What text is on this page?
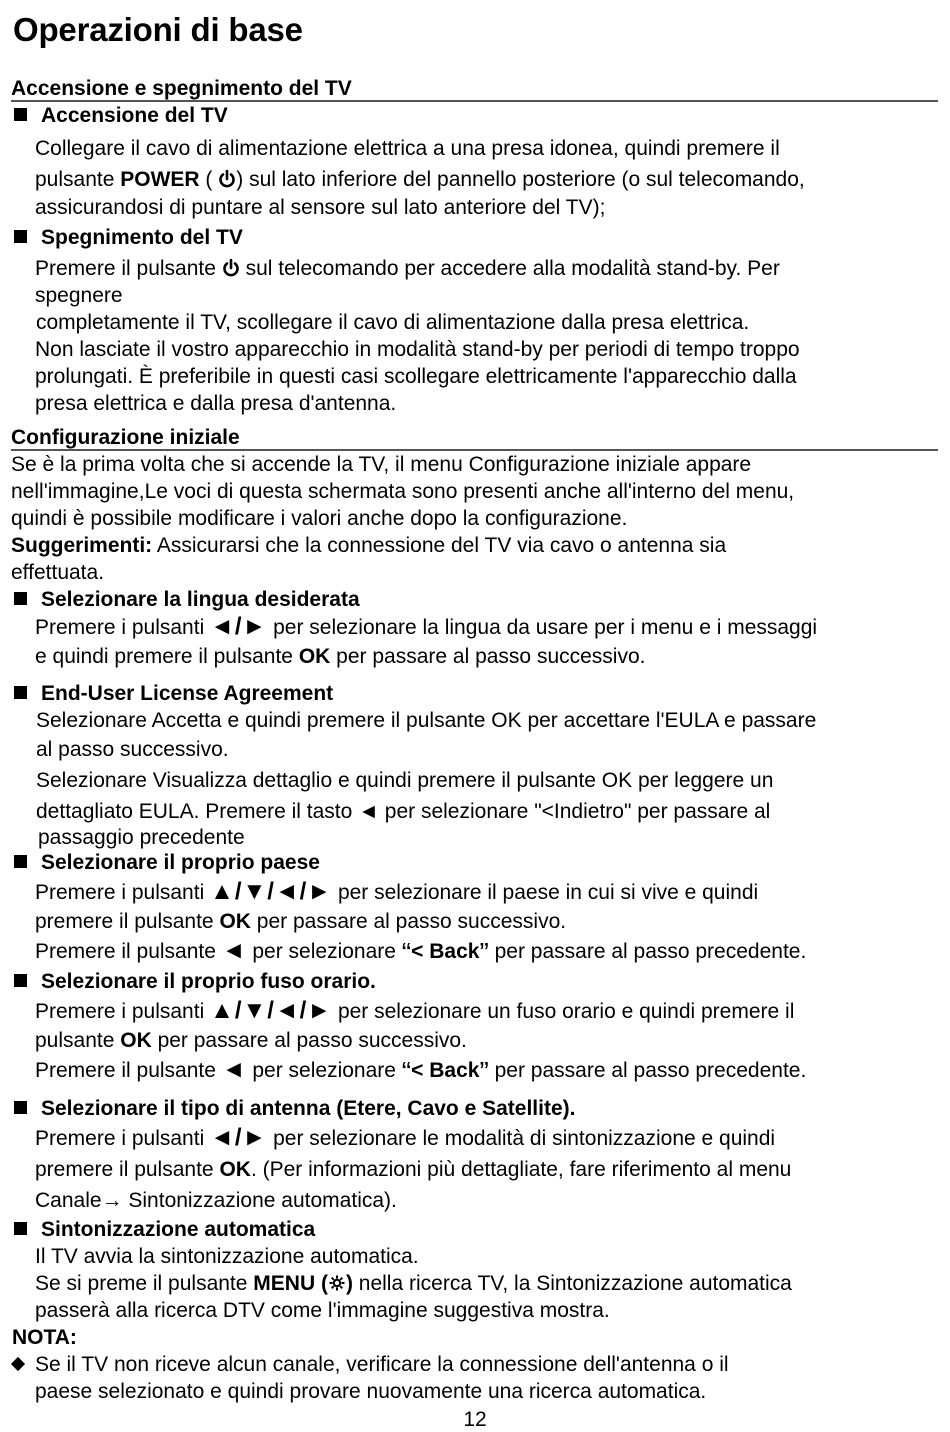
Operazioni di base
Accensione e spegnimento del TV
Accensione del TV
Collegare il cavo di alimentazione elettrica a una presa idonea, quindi premere il
pulsante POWER ( ) sul lato inferiore del pannello posteriore (o sul telecomando,
assicurandosi di puntare al sensore sul lato anteriore del TV);
Spegnimento del TV
Premere il pulsante  sul telecomando per accedere alla modalità stand-by. Per
spegnere
completamente il TV, scollegare il cavo di alimentazione dalla presa elettrica.
Non lasciate il vostro apparecchio in modalità stand-by per periodi di tempo troppo
prolungati. È preferibile in questi casi scollegare elettricamente l'apparecchio dalla
presa elettrica e dalla presa d'antenna.
Configurazione iniziale
Se è la prima volta che si accende la TV, il menu Configurazione iniziale appare
nell'immagine,Le voci di questa schermata sono presenti anche all'interno del menu,
quindi è possibile modificare i valori anche dopo la configurazione.
Suggerimenti: Assicurarsi che la connessione del TV via cavo o antenna sia
effettuata.
Selezionare la lingua desiderata
Premere i pulsanti ◄/► per selezionare la lingua da usare per i menu e i messaggi
e quindi premere il pulsante OK per passare al passo successivo.
End-User License Agreement
Selezionare Accetta e quindi premere il pulsante OK per accettare l'EULA e passare
al passo successivo.
Selezionare Visualizza dettaglio e quindi premere il pulsante OK per leggere un
dettagliato EULA. Premere il tasto ◄ per selezionare "<Indietro" per passare al
passaggio precedente
Selezionare il proprio paese
Premere i pulsanti ▲/▼/◄/► per selezionare il paese in cui si vive e quindi
premere il pulsante OK per passare al passo successivo.
Premere il pulsante ◄ per selezionare “< Back” per passare al passo precedente.
Selezionare il proprio fuso orario.
Premere i pulsanti ▲/▼/◄/► per selezionare un fuso orario e quindi premere il
pulsante OK per passare al passo successivo.
Premere il pulsante ◄ per selezionare “< Back” per passare al passo precedente.
Selezionare il tipo di antenna (Etere, Cavo e Satellite).
Premere i pulsanti ◄/► per selezionare le modalità di sintonizzazione e quindi
premere il pulsante OK. (Per informazioni più dettagliate, fare riferimento al menu
Canale→ Sintonizzazione automatica).
Sintonizzazione automatica
Il TV avvia la sintonizzazione automatica.
Se si preme il pulsante MENU ( ) nella ricerca TV, la Sintonizzazione automatica
passerà alla ricerca DTV come l'immagine suggestiva mostra.
NOTA:
Se il TV non riceve alcun canale, verificare la connessione dell'antenna o il
paese selezionato e quindi provare nuovamente una ricerca automatica.
12
